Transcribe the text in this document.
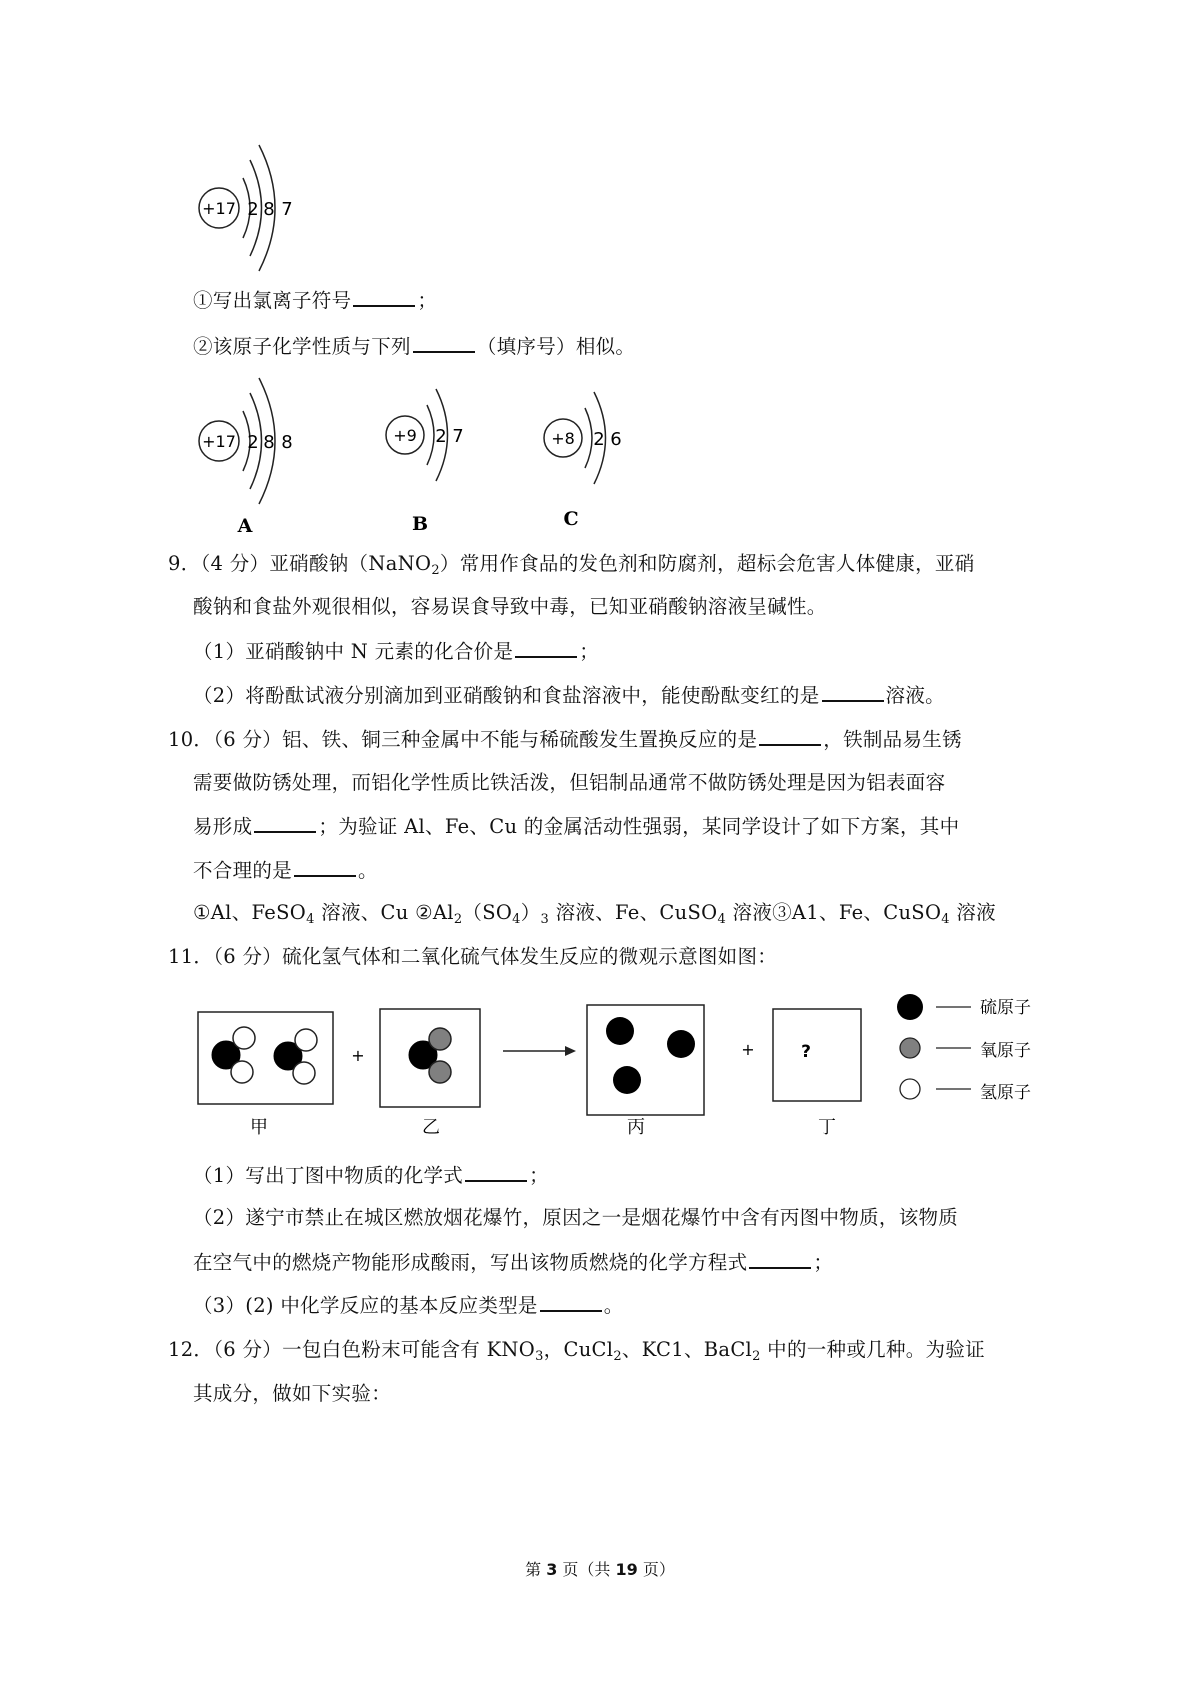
+17 2 8 7
①写出氯离子符号	；
②该原子化学性质与下列	（填序号）相似。
+17 2 8 8
A
+9 2 7
B
+8 2 6
C
9．（4 分）亚硝酸钠（NaNO$_2$）常用作食品的发色剂和防腐剂，超标会危害人体健康，亚硝
酸钠和食盐外观很相似，容易误食导致中毒，已知亚硝酸钠溶液呈碱性。
（1）亚硝酸钠中 N 元素的化合价是	；
（2）将酚酞试液分别滴加到亚硝酸钠和食盐溶液中，能使酚酞变红的是	溶液。
10．（6 分）铝、铁、铜三种金属中不能与稀硫酸发生置换反应的是	，铁制品易生锈
需要做防锈处理，而铝化学性质比铁活泼，但铝制品通常不做防锈处理是因为铝表面容
易形成	；为验证 Al、Fe、Cu 的金属活动性强弱，某同学设计了如下方案，其中
不合理的是	。
①Al、FeSO$_4$ 溶液、Cu $②Al_2(SO_4)_3$ 溶液、Fe、CuSO$_4$ 溶液③A1、Fe、CuSO$_4$ 溶液
11．（6 分）硫化氢气体和二氧化硫气体发生反应的微观示意图如图：
甲
+
乙	丙
+	?
丁
硫原子
氧原子
氢原子
（1）写出丁图中物质的化学式	；
（2）遂宁市禁止在城区燃放烟花爆竹，原因之一是烟花爆竹中含有丙图中物质，该物质
在空气中的燃烧产物能形成酸雨，写出该物质燃烧的化学方程式	；
（3）(2) 中化学反应的基本反应类型是	。
12．（6 分）一包白色粉末可能含有 $KNO_3$，CuCl$_2$、KC1、BaCl$_2$ 中的一种或几种。为验证
其成分，做如下实验：
第 3 页（共 19 页）
